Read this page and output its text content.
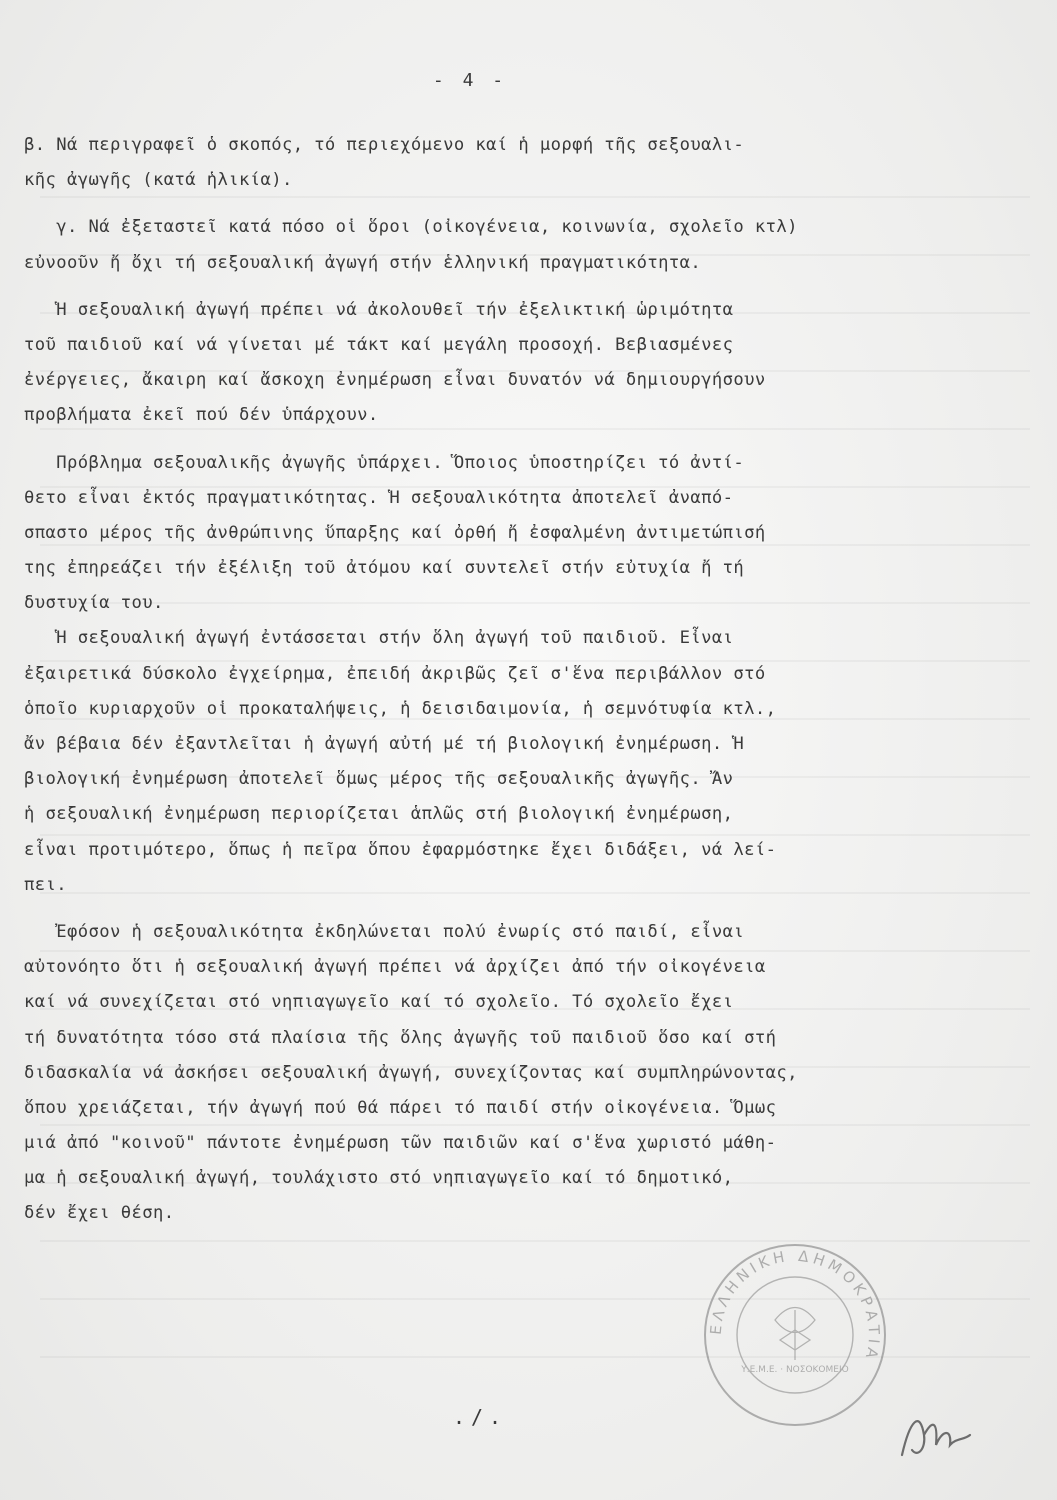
- 4 -
β. Νά περιγραφεῖ ὁ σκοπός, τό περιεχόμενο καί ἡ μορφή τῆς σεξουαλι-
κῆς ἀγωγῆς (κατά ἡλικία).
γ. Νά ἐξεταστεῖ κατά πόσο οἱ ὅροι (οἰκογένεια, κοινωνία, σχολεῖο κτλ)
εὐνοοῦν ἤ ὄχι τή σεξουαλική ἀγωγή στήν ἑλληνική πραγματικότητα.
Ἡ σεξουαλική ἀγωγή πρέπει νά ἀκολουθεῖ τήν ἐξελικτική ὡριμότητα
τοῦ παιδιοῦ καί νά γίνεται μέ τάκτ καί μεγάλη προσοχή. Βεβιασμένες
ἐνέργειες, ἄκαιρη καί ἄσκοχη ἐνημέρωση εἶναι δυνατόν νά δημιουργήσουν
προβλήματα ἐκεῖ πού δέν ὑπάρχουν.
Πρόβλημα σεξουαλικῆς ἀγωγῆς ὑπάρχει. Ὅποιος ὑποστηρίζει τό ἀντί-
θετο εἶναι ἐκτός πραγματικότητας. Ἡ σεξουαλικότητα ἀποτελεῖ ἀναπό-
σπαστο μέρος τῆς ἀνθρώπινης ὕπαρξης καί ὀρθή ἤ ἐσφαλμένη ἀντιμετώπισή
της ἐπηρεάζει τήν ἐξέλιξη τοῦ ἀτόμου καί συντελεῖ στήν εὐτυχία ἤ τή
δυστυχία του.
Ἡ σεξουαλική ἀγωγή ἐντάσσεται στήν ὅλη ἀγωγή τοῦ παιδιοῦ. Εἶναι
ἐξαιρετικά δύσκολο ἐγχείρημα, ἐπειδή ἀκριβῶς ζεῖ σ'ἕνα περιβάλλον στό
ὁποῖο κυριαρχοῦν οἱ προκαταλήψεις, ἡ δεισιδαιμονία, ἡ σεμνότυφία κτλ.,
ἄν βέβαια δέν ἐξαντλεῖται ἡ ἀγωγή αὐτή μέ τή βιολογική ἐνημέρωση. Ἡ
βιολογική ἐνημέρωση ἀποτελεῖ ὅμως μέρος τῆς σεξουαλικῆς ἀγωγῆς. Ἄν
ἡ σεξουαλική ἐνημέρωση περιορίζεται ἁπλῶς στή βιολογική ἐνημέρωση,
εἶναι προτιμότερο, ὅπως ἡ πεῖρα ὅπου ἐφαρμόστηκε ἔχει διδάξει, νά λεί-
πει.
Ἐφόσον ἡ σεξουαλικότητα ἐκδηλώνεται πολύ ἐνωρίς στό παιδί, εἶναι
αὐτονόητο ὅτι ἡ σεξουαλική ἀγωγή πρέπει νά ἀρχίζει ἀπό τήν οἰκογένεια
καί νά συνεχίζεται στό νηπιαγωγεῖο καί τό σχολεῖο. Τό σχολεῖο ἔχει
τή δυνατότητα τόσο στά πλαίσια τῆς ὅλης ἀγωγῆς τοῦ παιδιοῦ ὅσο καί στή
διδασκαλία νά ἀσκήσει σεξουαλική ἀγωγή, συνεχίζοντας καί συμπληρώνοντας,
ὅπου χρειάζεται, τήν ἀγωγή πού θά πάρει τό παιδί στήν οἰκογένεια. Ὅμως
μιά ἀπό "κοινοῦ" πάντοτε ἐνημέρωση τῶν παιδιῶν καί σ'ἕνα χωριστό μάθη-
μα ἡ σεξουαλική ἀγωγή, τουλάχιστο στό νηπιαγωγεῖο καί τό δημοτικό,
δέν ἔχει θέση.
ΕΛΛΗΝΙΚΗ ΔΗΜΟΚΡΑΤΙΑ
Υ.Ε.Μ.Ε. · ΝΟΣΟΚΟΜΕΙΟ
./.
